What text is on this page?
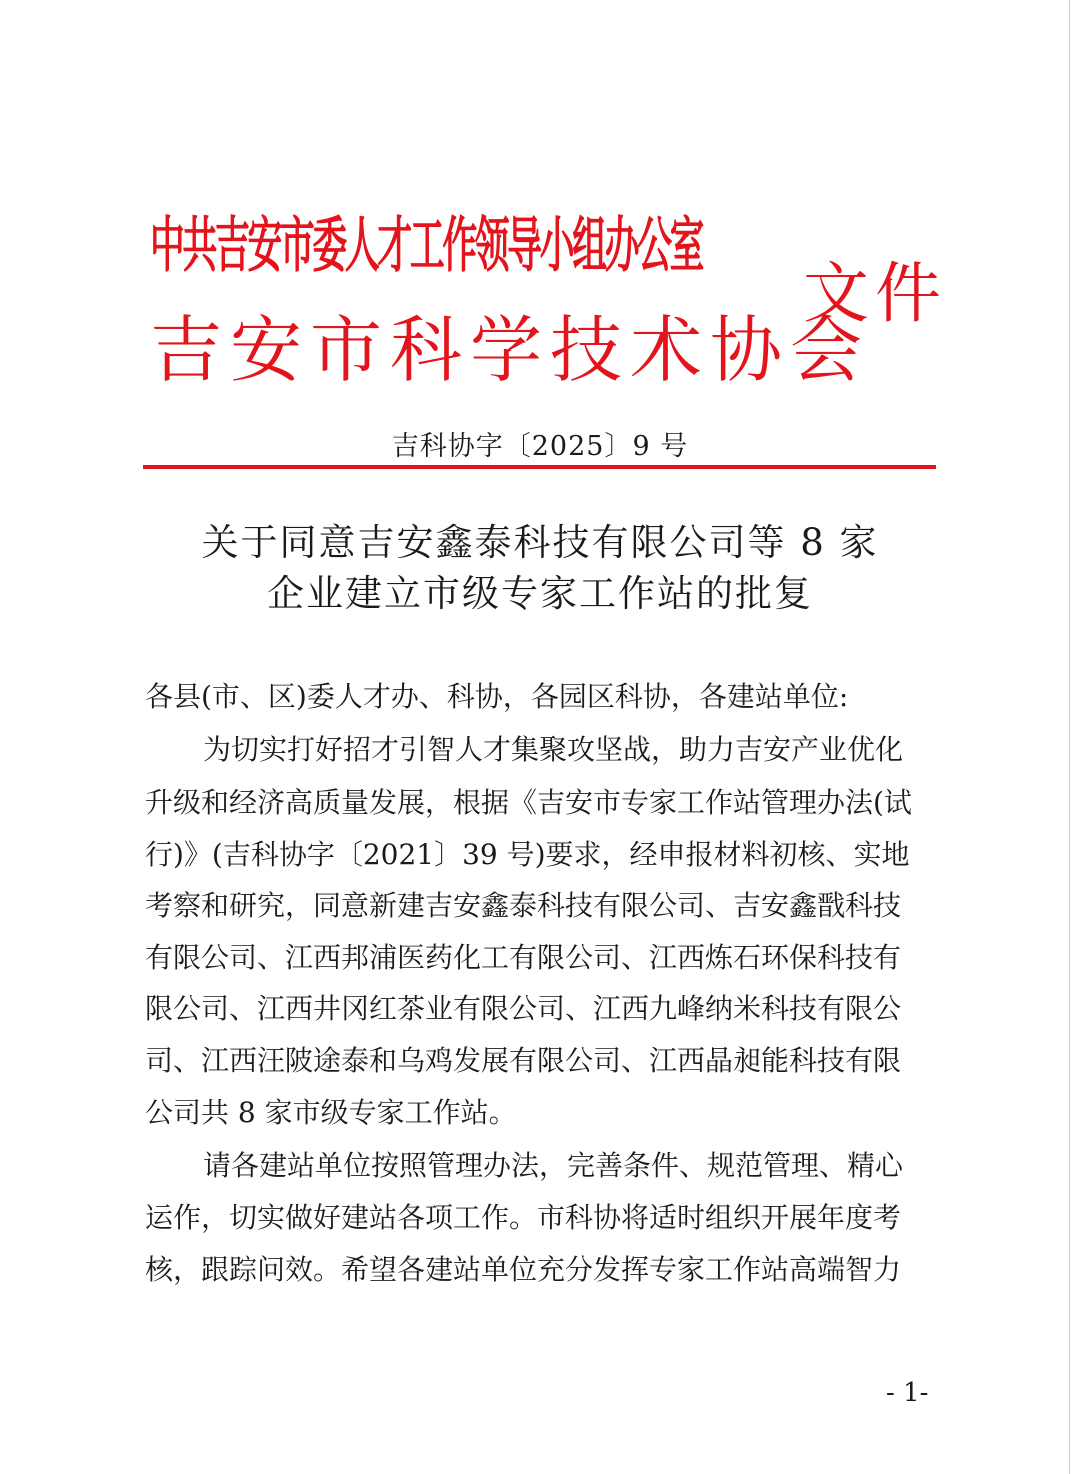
中共吉安市委人才工作领导小组办公室
吉安市科学技术协会
文件
吉科协字〔2025〕9 号
关于同意吉安鑫泰科技有限公司等 8 家
企业建立市级专家工作站的批复
各县(市、区)委人才办、科协，各园区科协，各建站单位:
为切实打好招才引智人才集聚攻坚战，助力吉安产业优化
升级和经济高质量发展，根据《吉安市专家工作站管理办法(试
行)》(吉科协字〔2021〕39 号)要求，经申报材料初核、实地
考察和研究，同意新建吉安鑫泰科技有限公司、吉安鑫戬科技
有限公司、江西邦浦医药化工有限公司、江西炼石环保科技有
限公司、江西井冈红茶业有限公司、江西九峰纳米科技有限公
司、江西汪陂途泰和乌鸡发展有限公司、江西晶昶能科技有限
公司共 8 家市级专家工作站。
请各建站单位按照管理办法，完善条件、规范管理、精心
运作，切实做好建站各项工作。市科协将适时组织开展年度考
核，跟踪问效。希望各建站单位充分发挥专家工作站高端智力
- 1-
